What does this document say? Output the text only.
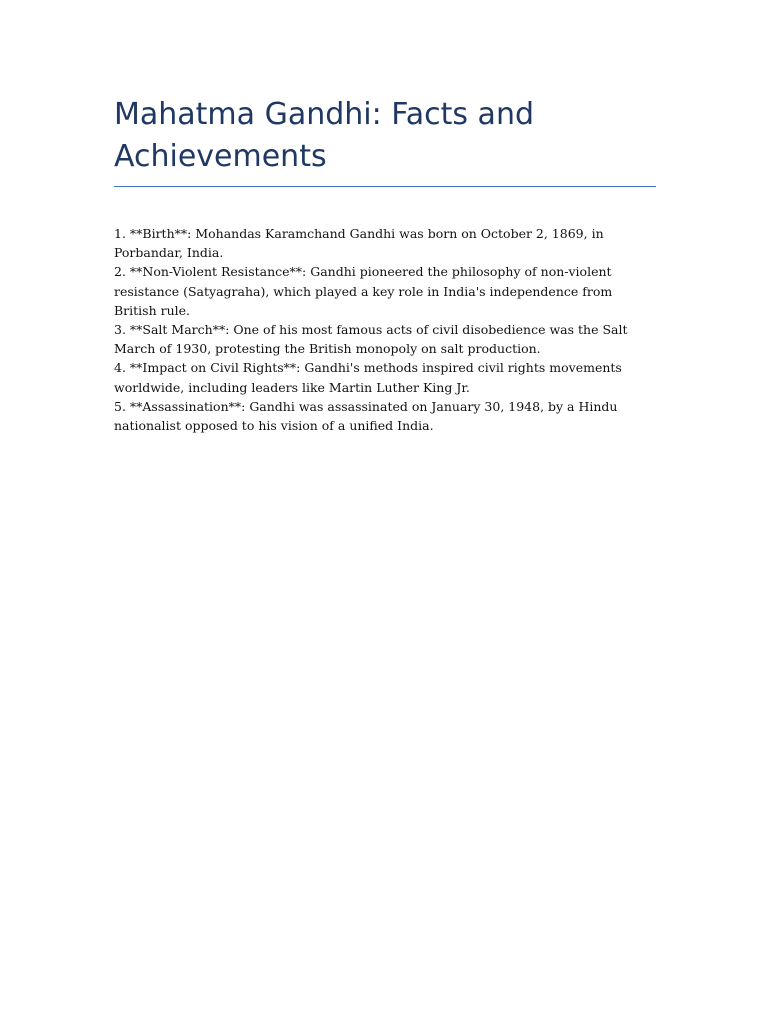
Mahatma Gandhi: Facts and Achievements

1. **Birth**: Mohandas Karamchand Gandhi was born on October 2, 1869, in Porbandar, India.

2. **Non-Violent Resistance**: Gandhi pioneered the philosophy of non-violent resistance (Satyagraha), which played a key role in India's independence from British rule.

3. **Salt March**: One of his most famous acts of civil disobedience was the Salt March of 1930, protesting the British monopoly on salt production.

4. **Impact on Civil Rights**: Gandhi's methods inspired civil rights movements worldwide, including leaders like Martin Luther King Jr.

5. **Assassination**: Gandhi was assassinated on January 30, 1948, by a Hindu nationalist opposed to his vision of a unified India.
